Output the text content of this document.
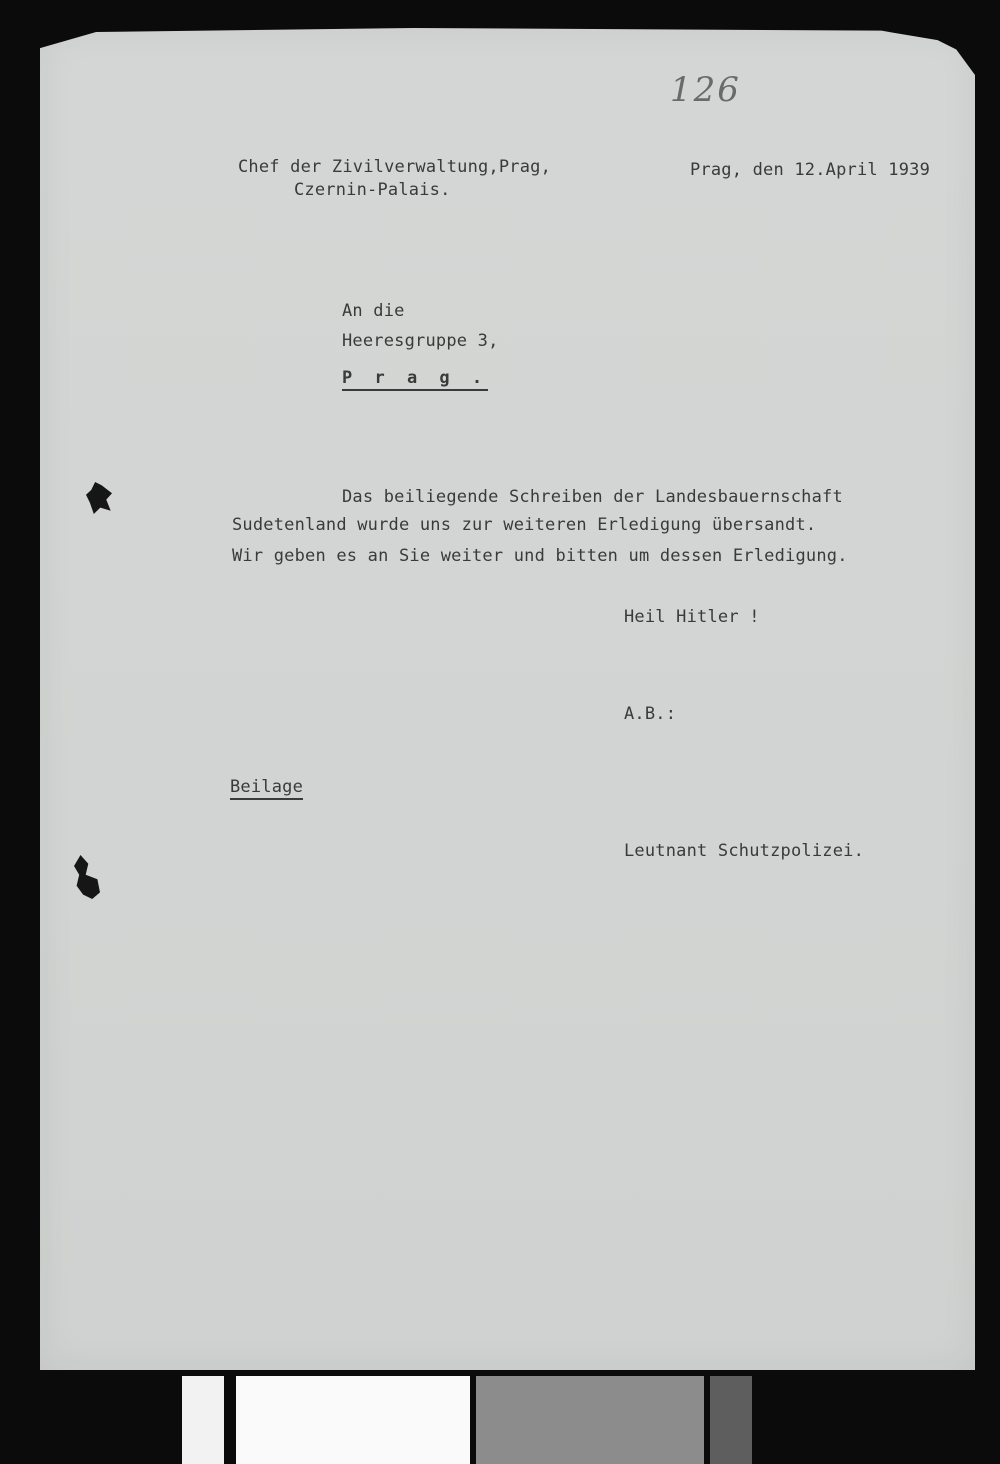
126
Chef der Zivilverwaltung,Prag,
Czernin-Palais.
Prag, den 12.April 1939
An die
Heeresgruppe 3,
P r a g .
Das beiliegende Schreiben der Landesbauernschaft
Sudetenland wurde uns zur weiteren Erledigung übersandt.
Wir geben es an Sie weiter und bitten um dessen Erledigung.
Heil Hitler !
A.B.:
Beilage
Leutnant Schutzpolizei.
